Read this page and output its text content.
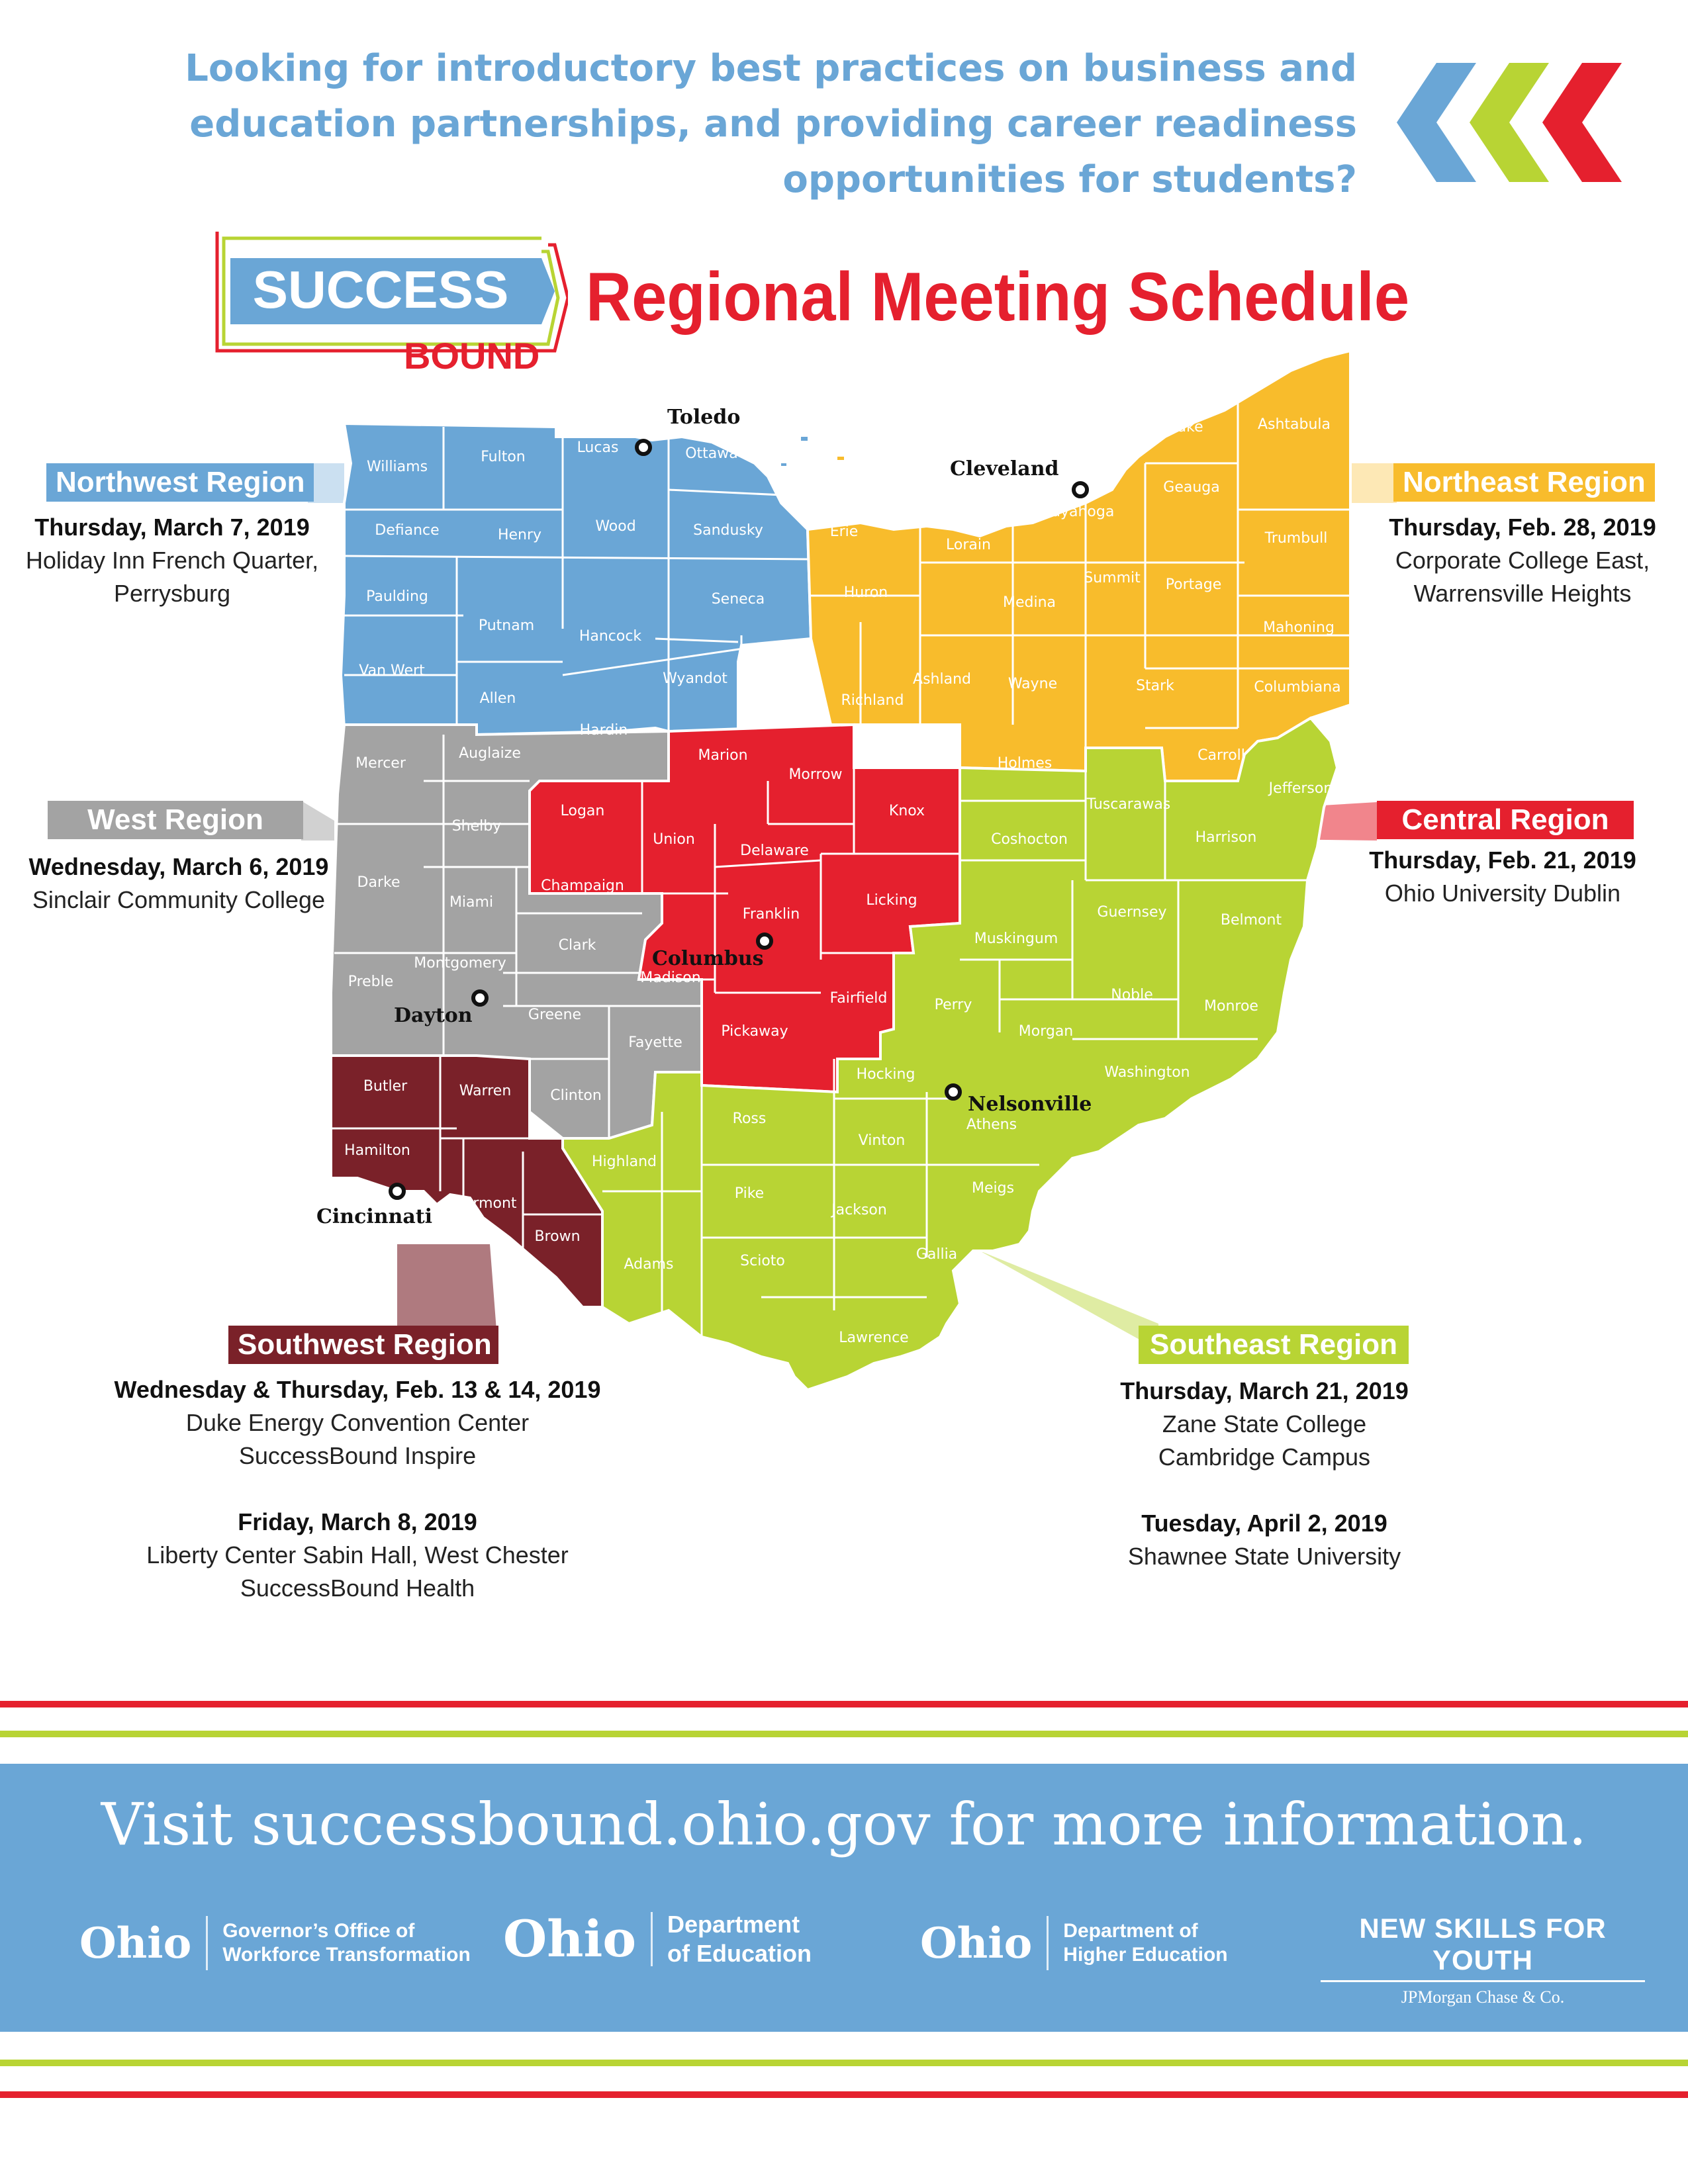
Looking for introductory best practices on business and
education partnerships, and providing career readiness
opportunities for students?
SUCCESS
BOUND
Regional Meeting Schedule
Williams
Fulton
Lucas	Ottawa
Defiance	Henry
Wood	Sandusky
Paulding
Putnam
Hancock
Seneca
Van Wert
Allen
Wyandot Crawford
Hardin
Lake	Ashtabula
Cuyahoga
Geauga
Erie
Lorain
Huron
Medina
Summit Portage
Trumbull
Mahoning
Richland
Ashland	Wayne	Stark	Columbiana
Tuscarawas
Mercer
Auglaize
Shelby
Logan
Darke
Miami
Champaign
Clark
Preble
Montgomery
Greene
Fayette
Clinton
Marion
Morrow
Union
Delaware
Knox
Madison
Franklin
Licking
Pickaway
Fairfield
Butler	Warren
Hamilton
Clermont
Brown
Holmes	Carroll
Jefferson
Coshocton	Harrison
Guernsey	Belmont
Muskingum
Noble
Monroe
Perry
Morgan
Washington
Hocking
Athens
Vinton
Meigs
Ross
Highland
Pike
Jackson
Gallia
Adams	Scioto
Lawrence
Toledo
Cleveland
Columbus
Dayton
Cincinnati
Nelsonville
Northwest Region
Thursday, March 7, 2019
Holiday Inn French Quarter,
Perrysburg
Northeast Region
Thursday, Feb. 28, 2019
Corporate College East,
Warrensville Heights
West Region
Wednesday, March 6, 2019
Sinclair Community College
Central Region
Thursday, Feb. 21, 2019
Ohio University Dublin
Southwest Region
Wednesday & Thursday, Feb. 13 & 14, 2019
Duke Energy Convention Center
SuccessBound Inspire
Friday, March 8, 2019
Liberty Center Sabin Hall, West Chester
SuccessBound Health
Southeast Region
Thursday, March 21, 2019
Zane State College
Cambridge Campus
Tuesday, April 2, 2019
Shawnee State University
Visit successbound.ohio.gov for more information.
Ohio Governor’s Office of
Workforce Transformation Ohio Department
of Education	Ohio Department of
Higher Education
NEW SKILLS FOR YOUTH
JPMorgan Chase & Co.
